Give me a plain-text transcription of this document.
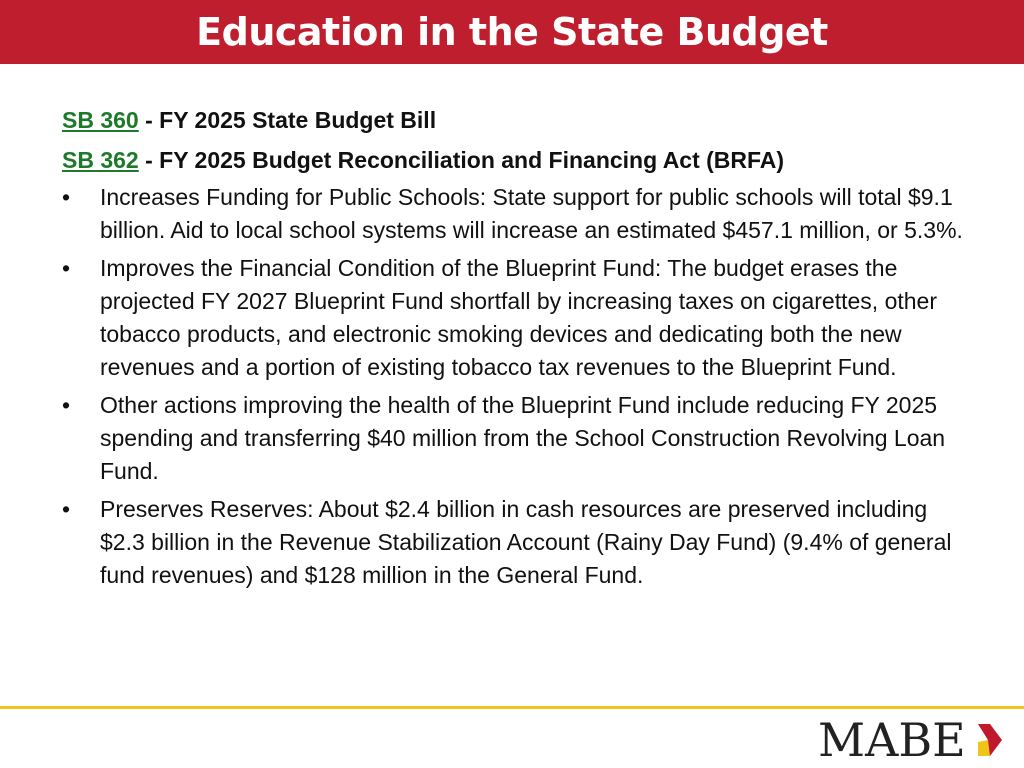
Education in the State Budget
SB 360 - FY 2025 State Budget Bill
SB 362 - FY 2025 Budget Reconciliation and Financing Act (BRFA)
•	Increases Funding for Public Schools: State support for public schools will total $9.1 billion. Aid to local school systems will increase an estimated $457.1 million, or 5.3%.
•	Improves the Financial Condition of the Blueprint Fund: The budget erases the projected FY 2027 Blueprint Fund shortfall by increasing taxes on cigarettes, other tobacco products, and electronic smoking devices and dedicating both the new revenues and a portion of existing tobacco tax revenues to the Blueprint Fund.
•	Other actions improving the health of the Blueprint Fund include reducing FY 2025 spending and transferring $40 million from the School Construction Revolving Loan Fund.
•	Preserves Reserves: About $2.4 billion in cash resources are preserved including $2.3 billion in the Revenue Stabilization Account (Rainy Day Fund) (9.4% of general fund revenues) and $128 million in the General Fund.
MABE
